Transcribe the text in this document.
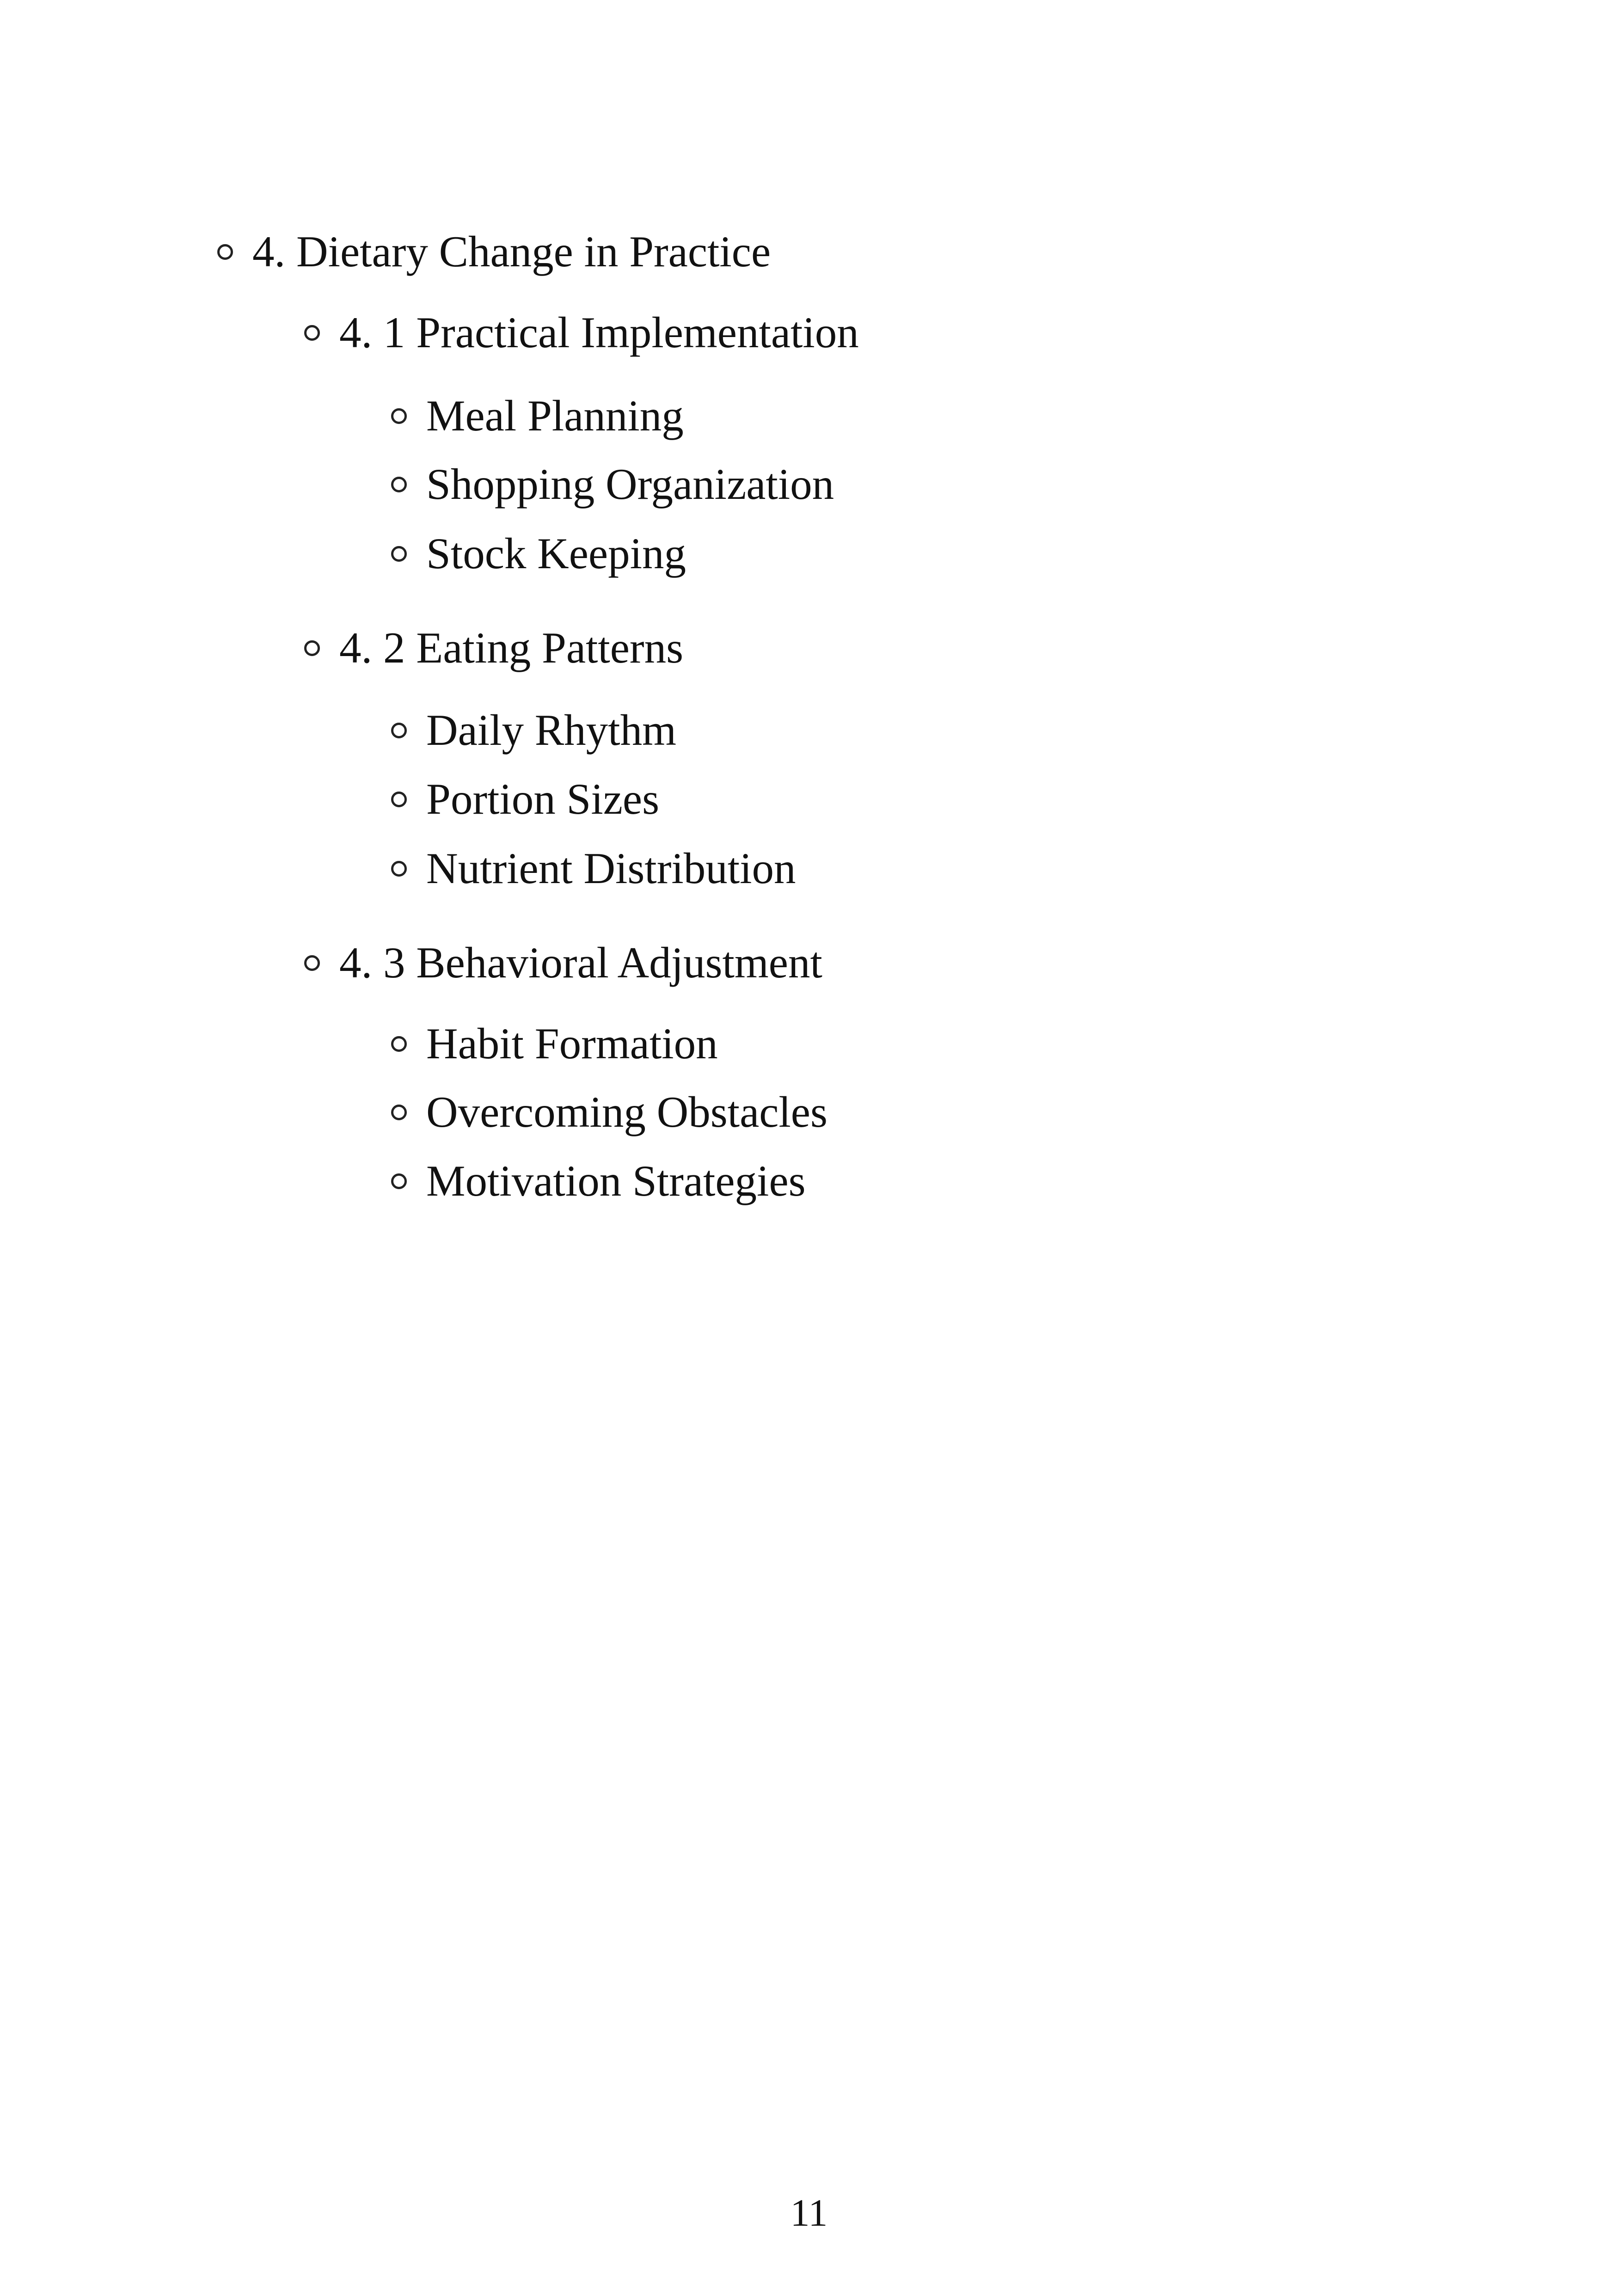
4. Dietary Change in Practice
4. 1 Practical Implementation
Meal Planning
Shopping Organization
Stock Keeping
4. 2 Eating Patterns
Daily Rhythm
Portion Sizes
Nutrient Distribution
4. 3 Behavioral Adjustment
Habit Formation
Overcoming Obstacles
Motivation Strategies
11
